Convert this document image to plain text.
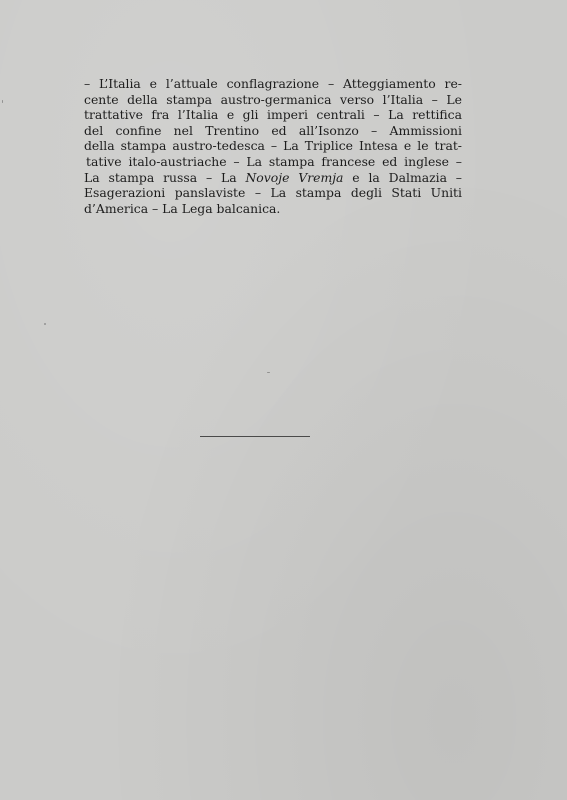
– L’Italia e l’attuale conflagrazione – Atteggiamento re-
cente della stampa austro-germanica verso l’Italia – Le
trattative fra l’Italia e gli imperi centrali – La rettifica
del confine nel Trentino ed all’Isonzo – Ammissioni
della stampa austro-tedesca – La Triplice Intesa e le trat-
tative italo-austriache – La stampa francese ed inglese –
La stampa russa – La Novoje Vremja e la Dalmazia –
Esagerazioni panslaviste – La stampa degli Stati Uniti
d’America – La Lega balcanica.
